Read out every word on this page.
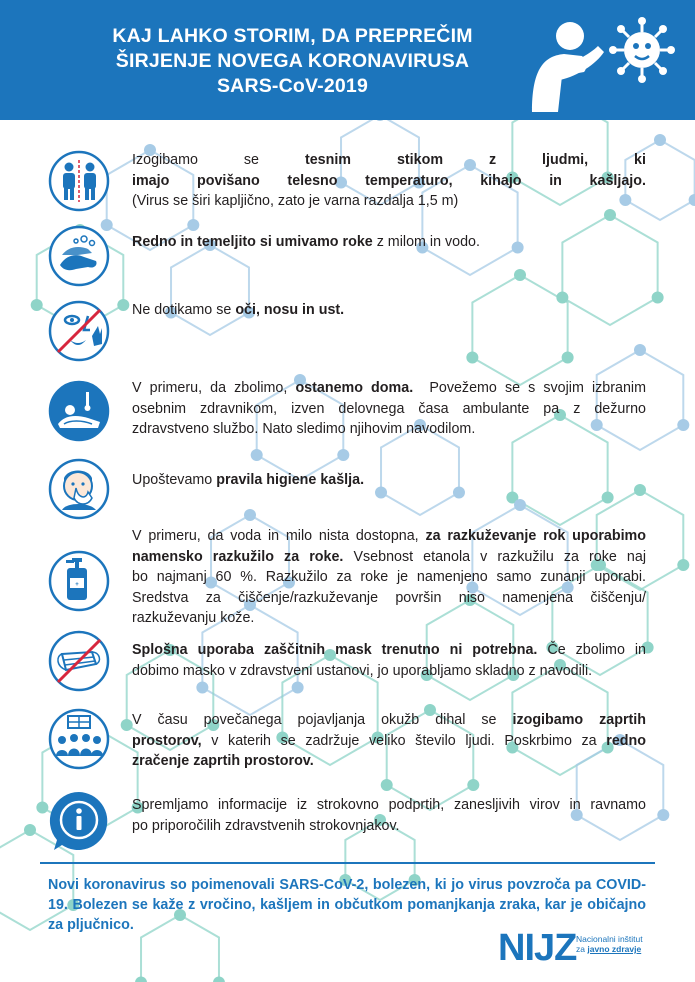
KAJ LAHKO STORIM, DA PREPREČIM
ŠIRJENJE NOVEGA KORONAVIRUSA
SARS-CoV-2019
Izogibamo se tesnim stikom z ljudmi, ki
imajo povišano telesno temperaturo, kihajo in kašljajo.
(Virus se širi kapljično, zato je varna razdalja 1,5 m)
Redno in temeljito si umivamo roke z milom in vodo.
Ne dotikamo se oči, nosu in ust.
V primeru, da zbolimo, ostanemo doma.  Povežemo se s svojim izbranim
osebnim zdravnikom, izven delovnega časa ambulante pa z dežurno
zdravstveno službo. Nato sledimo njihovim navodilom.
Upoštevamo pravila higiene kašlja.
+
V primeru, da voda in milo nista dostopna, za razkuževanje rok uporabimo
namensko razkužilo za roke. Vsebnost etanola v razkužilu za roke naj
bo najmanj 60 %. Razkužilo za roke je namenjeno samo zunanji uporabi.
Sredstva za čiščenje/razkuževanje površin niso namenjena čiščenju/
razkuževanju kože.
Splošna uporaba zaščitnih mask trenutno ni potrebna. Če zbolimo in
dobimo masko v zdravstveni ustanovi, jo uporabljamo skladno z navodili.
V času povečanega pojavljanja okužb dihal se izogibamo zaprtih
prostorov, v katerih se zadržuje veliko število ljudi. Poskrbimo za redno
zračenje zaprtih prostorov.
Spremljamo informacije iz strokovno podprtih, zanesljivih virov in ravnamo
po priporočilih zdravstvenih strokovnjakov.
Novi koronavirus so poimenovali SARS-CoV-2, bolezen, ki jo virus povzroča pa COVID-19. Bolezen se kaže z vročino, kašljem in občutkom pomanjkanja zraka, kar je običajno za pljučnico.
NIJZ Nacionalni inštitut
za javno zdravje
